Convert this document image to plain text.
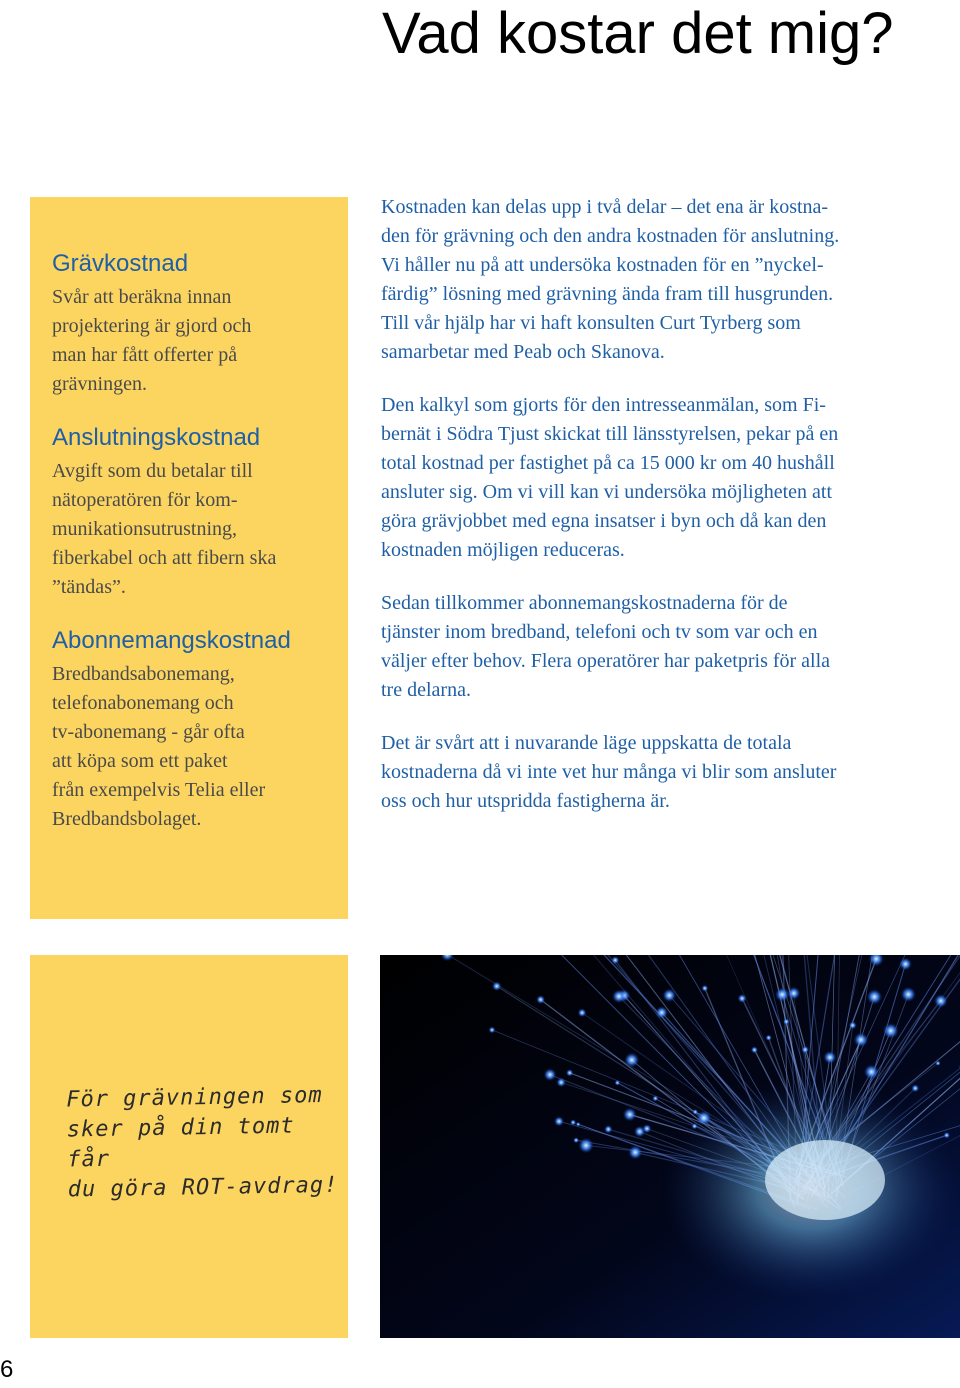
Vad kostar det mig?
Grävkostnad
Svår att beräkna innan
projektering är gjord och
man har fått offerter på
grävningen.
Anslutningskostnad
Avgift som du betalar till
nätoperatören för kom-
munikationsutrustning,
fiberkabel och att fibern ska
”tändas”.
Abonnemangskostnad
Bredbandsabonemang,
telefonabonemang och
tv-abonemang - går ofta
att köpa som ett paket
från exempelvis Telia eller
Bredbandsbolaget.

Kostnaden kan delas upp i två delar – det ena är kostna-
den för grävning och den andra kostnaden för anslutning.
Vi håller nu på att undersöka kostnaden för en ”nyckel-
färdig” lösning med grävning ända fram till husgrunden.
Till vår hjälp har vi haft konsulten Curt Tyrberg som
samarbetar med Peab och Skanova.

Den kalkyl som gjorts för den intresseanmälan, som Fi-
bernät i Södra Tjust skickat till länsstyrelsen, pekar på en
total kostnad per fastighet på ca 15 000 kr om 40 hushåll
ansluter sig. Om vi vill kan vi undersöka möjligheten att
göra grävjobbet med egna insatser i byn och då kan den
kostnaden möjligen reduceras.

Sedan tillkommer abonnemangskostnaderna för de
tjänster inom bredband, telefoni och tv som var och en
väljer efter behov. Flera operatörer har paketpris för alla
tre delarna.

Det är svårt att i nuvarande läge uppskatta de totala
kostnaderna då vi inte vet hur många vi blir som ansluter
oss och hur utspridda fastigherna är.

För grävningen som
sker på din tomt får
du göra ROT-avdrag!

6
